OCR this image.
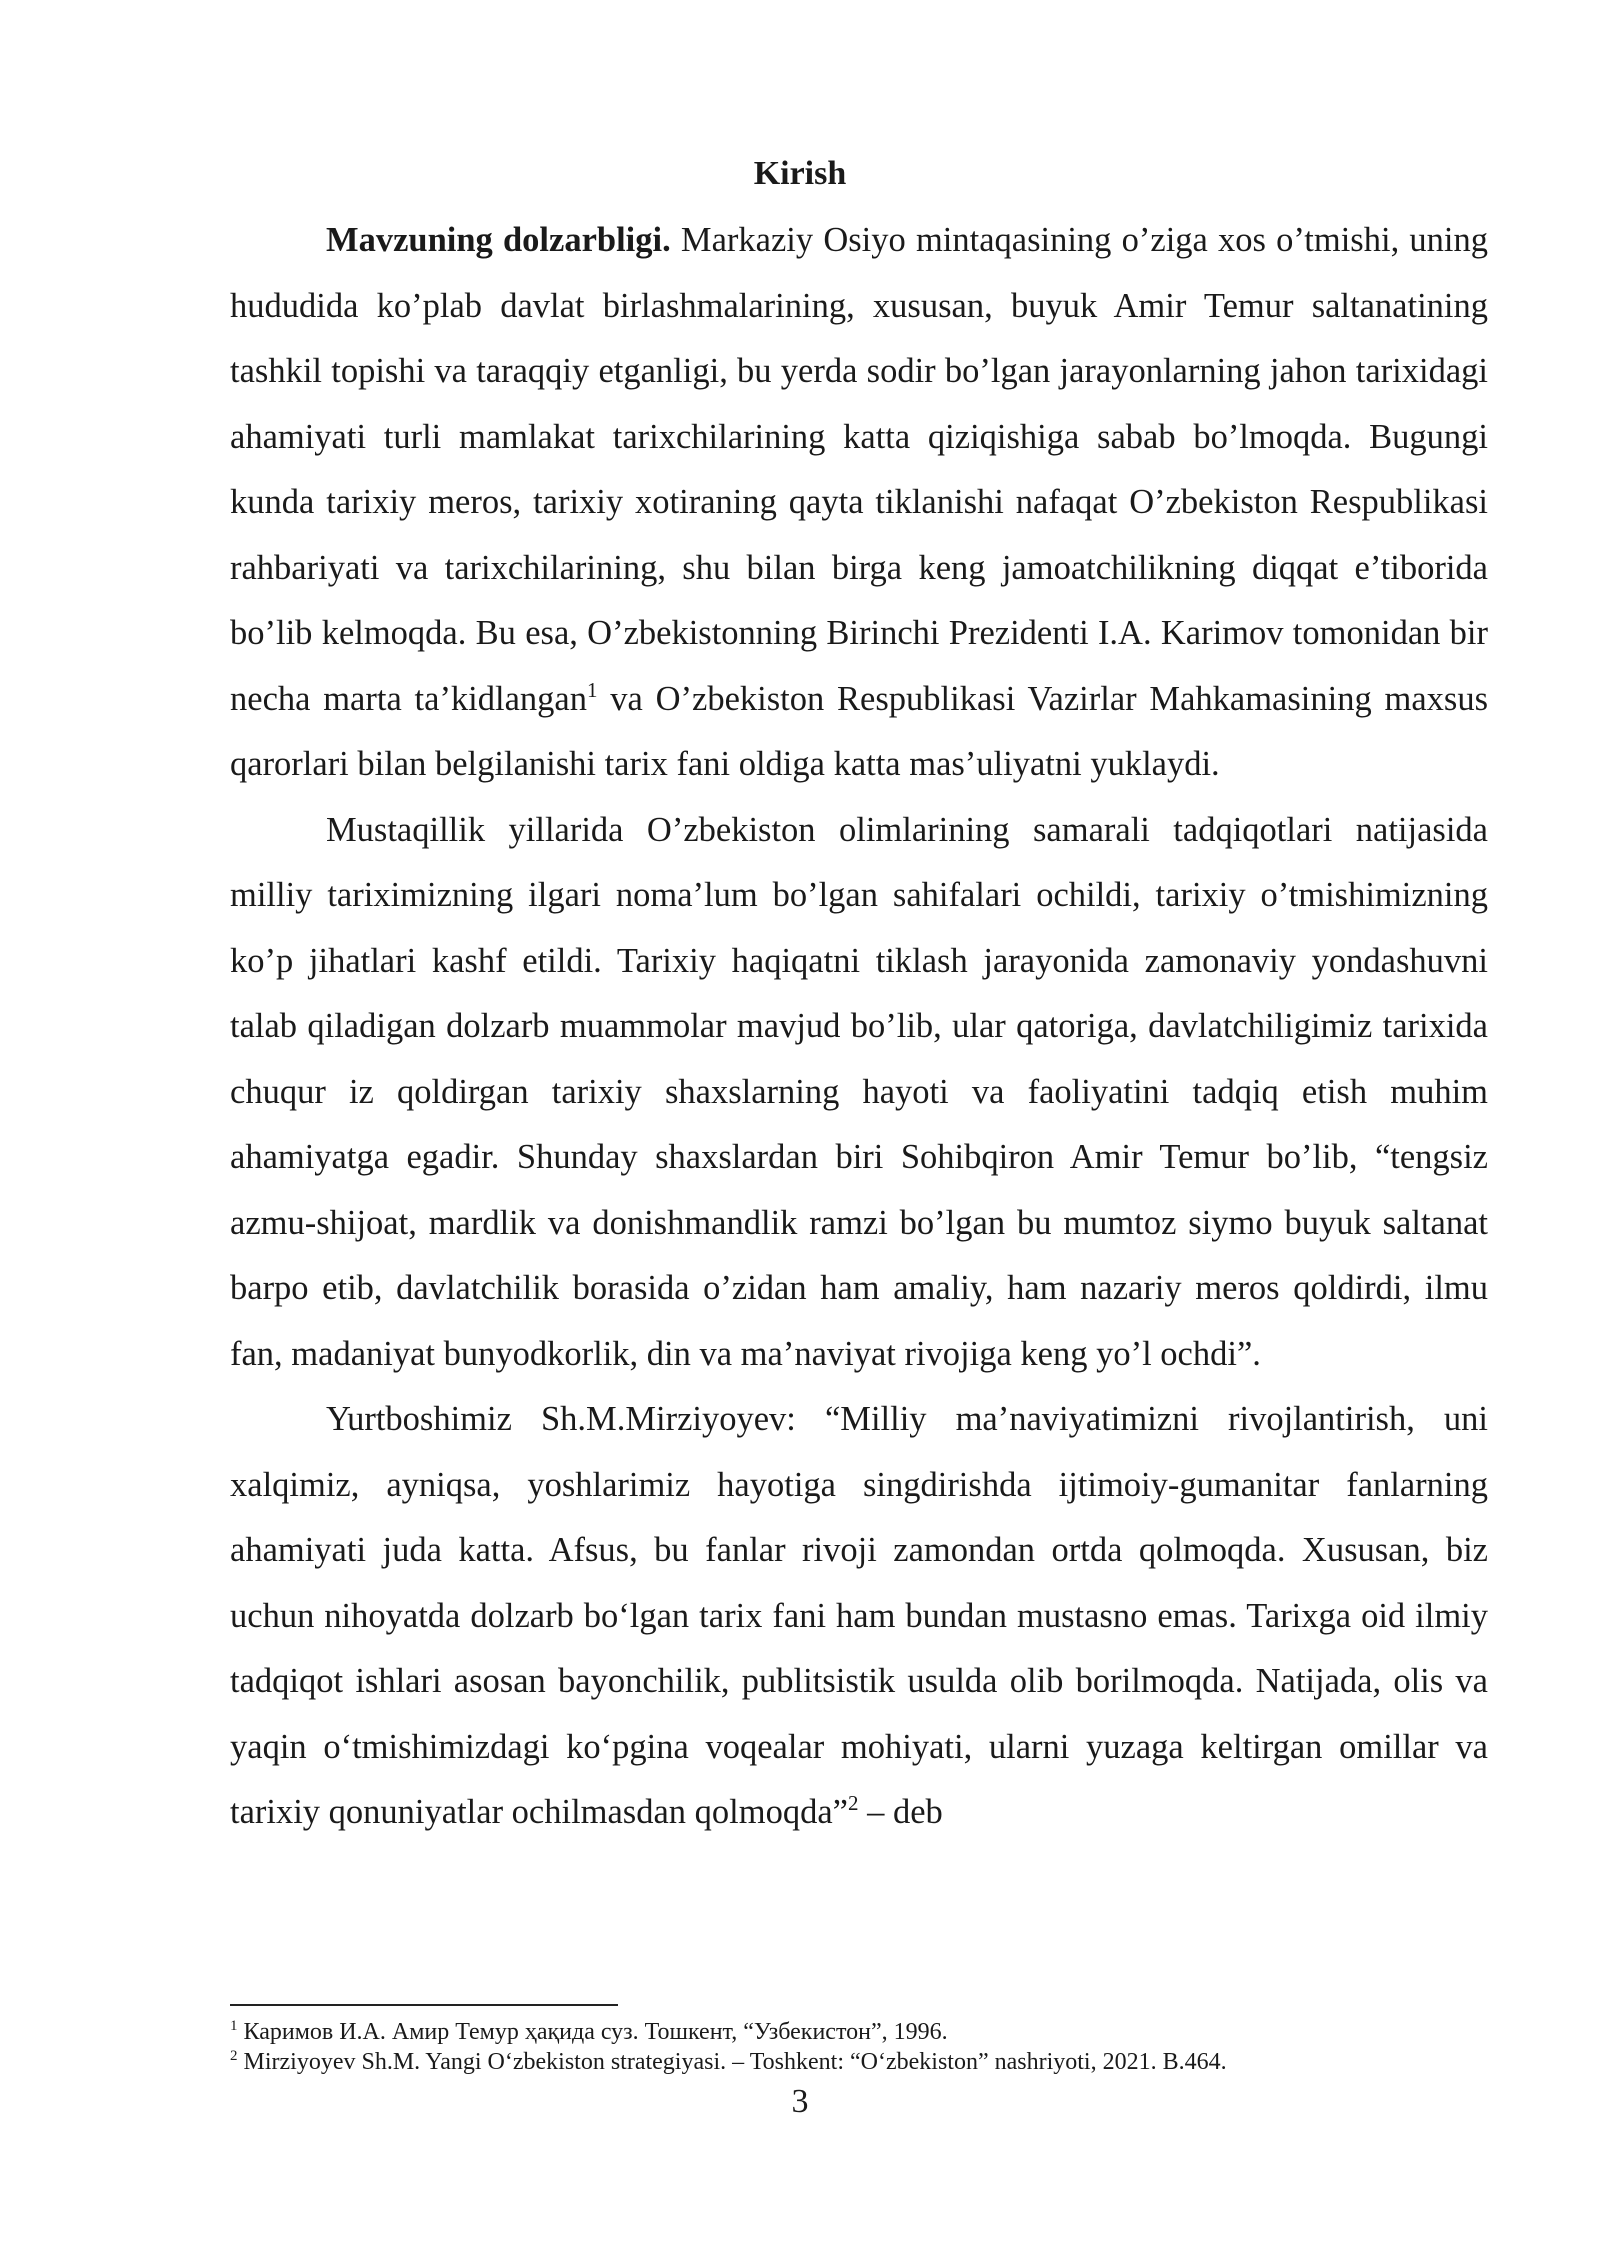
Kirish

Mavzuning dolzarbligi. Markaziy Osiyo mintaqasining o’ziga xos o’tmishi, uning hududida ko’plab davlat birlashmalarining, xususan, buyuk Amir Temur saltanatining tashkil topishi va taraqqiy etganligi, bu yerda sodir bo’lgan jarayonlarning jahon tarixidagi ahamiyati turli mamlakat tarixchilarining katta qiziqishiga sabab bo’lmoqda. Bugungi kunda tarixiy meros, tarixiy xotiraning qayta tiklanishi nafaqat O’zbekiston Respublikasi rahbariyati va tarixchilarining, shu bilan birga keng jamoatchilikning diqqat e’tiborida bo’lib kelmoqda. Bu esa, O’zbekistonning Birinchi Prezidenti I.A. Karimov tomonidan bir necha marta ta’kidlangan$^1$ va O’zbekiston Respublikasi Vazirlar Mahkamasining maxsus qarorlari bilan belgilanishi tarix fani oldiga katta mas’uliyatni yuklaydi.

Mustaqillik yillarida O’zbekiston olimlarining samarali tadqiqotlari natijasida milliy tariximizning ilgari noma’lum bo’lgan sahifalari ochildi, tarixiy o’tmishimizning ko’p jihatlari kashf etildi. Tarixiy haqiqatni tiklash jarayonida zamonaviy yondashuvni talab qiladigan dolzarb muammolar mavjud bo’lib, ular qatoriga, davlatchiligimiz tarixida chuqur iz qoldirgan tarixiy shaxslarning hayoti va faoliyatini tadqiq etish muhim ahamiyatga egadir. Shunday shaxslardan biri Sohibqiron Amir Temur bo’lib, “tengsiz azmu-shijoat, mardlik va donishmandlik ramzi bo’lgan bu mumtoz siymo buyuk saltanat barpo etib, davlatchilik borasida o’zidan ham amaliy, ham nazariy meros qoldirdi, ilmu fan, madaniyat bunyodkorlik, din va ma’naviyat rivojiga keng yo’l ochdi”.

Yurtboshimiz Sh.M.Mirziyoyev: “Milliy ma’naviyatimizni rivojlantirish, uni xalqimiz, ayniqsa, yoshlarimiz hayotiga singdirishda ijtimoiy-gumanitar fanlarning ahamiyati juda katta. Afsus, bu fanlar rivoji zamondan ortda qolmoqda. Xususan, biz uchun nihoyatda dolzarb bo‘lgan tarix fani ham bundan mustasno emas. Tarixga oid ilmiy tadqiqot ishlari asosan bayonchilik, publitsistik usulda olib borilmoqda. Natijada, olis va yaqin o‘tmishimizdagi ko‘pgina voqealar mohiyati, ularni yuzaga keltirgan omillar va tarixiy qonuniyatlar ochilmasdan qolmoqda”$^2$ – deb

$^1$ Каримов И.А. Амир Темур ҳақида суз. Тошкент, “Узбекистон”, 1996.

$^2$ Mirziyoyev Sh.M. Yangi O‘zbekiston strategiyasi. – Toshkent: “O‘zbekiston” nashriyoti, 2021. B.464.

3
